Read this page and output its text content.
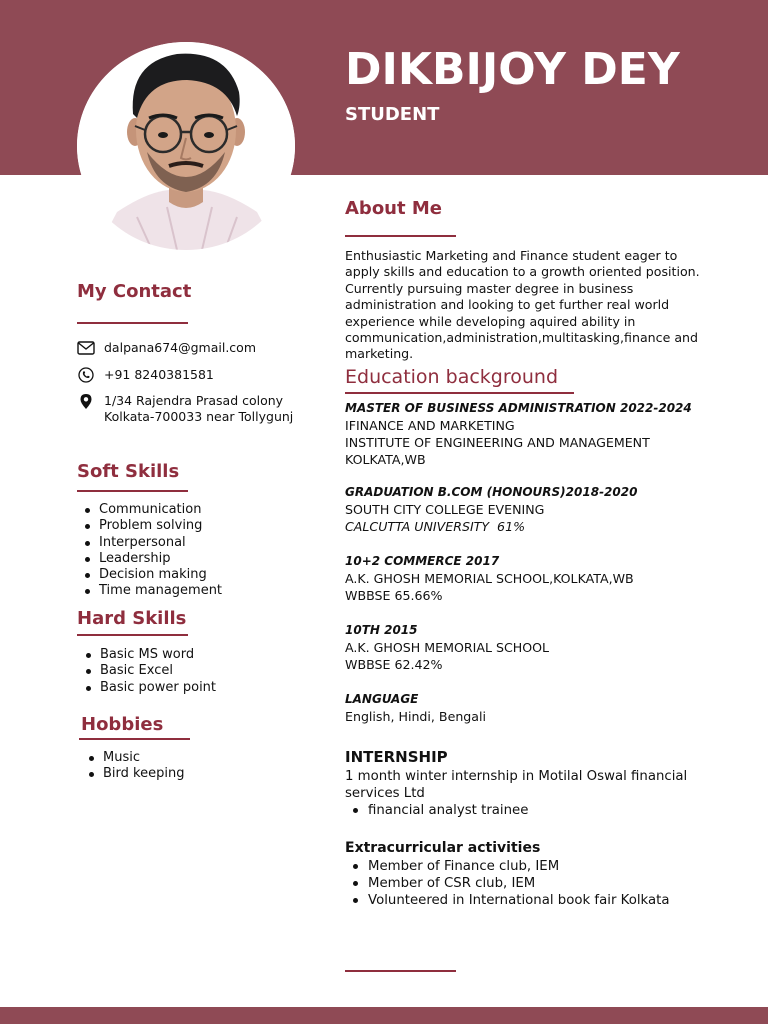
DIKBIJOY DEY
STUDENT
My Contact
dalpana674@gmail.com
+91 8240381581
1/34 Rajendra Prasad colony
Kolkata-700033 near Tollygunj
Soft Skills
Communication
Problem solving
Interpersonal
Leadership
Decision making
Time management
Hard Skills
Basic MS word
Basic Excel
Basic power point
Hobbies
Music
Bird keeping
About Me

Enthusiastic Marketing and Finance student eager to apply skills and education to a growth oriented position. Currently pursuing master degree in business administration and looking to get further real world experience while developing aquired ability in communication,administration,multitasking,finance and marketing.

Education background
MASTER OF BUSINESS ADMINISTRATION 2022-2024
IFINANCE AND MARKETING
INSTITUTE OF ENGINEERING AND MANAGEMENT
KOLKATA,WB
GRADUATION B.COM (HONOURS)2018-2020
SOUTH CITY COLLEGE EVENING
CALCUTTA UNIVERSITY  61%
10+2 COMMERCE 2017
A.K. GHOSH MEMORIAL SCHOOL,KOLKATA,WB
WBBSE 65.66%
10TH 2015
A.K. GHOSH MEMORIAL SCHOOL
WBBSE 62.42%
LANGUAGE
English, Hindi, Bengali
INTERNSHIP

1 month winter internship in Motilal Oswal financial services Ltd

financial analyst trainee
Extracurricular activities
Member of Finance club, IEM
Member of CSR club, IEM
Volunteered in International book fair Kolkata
